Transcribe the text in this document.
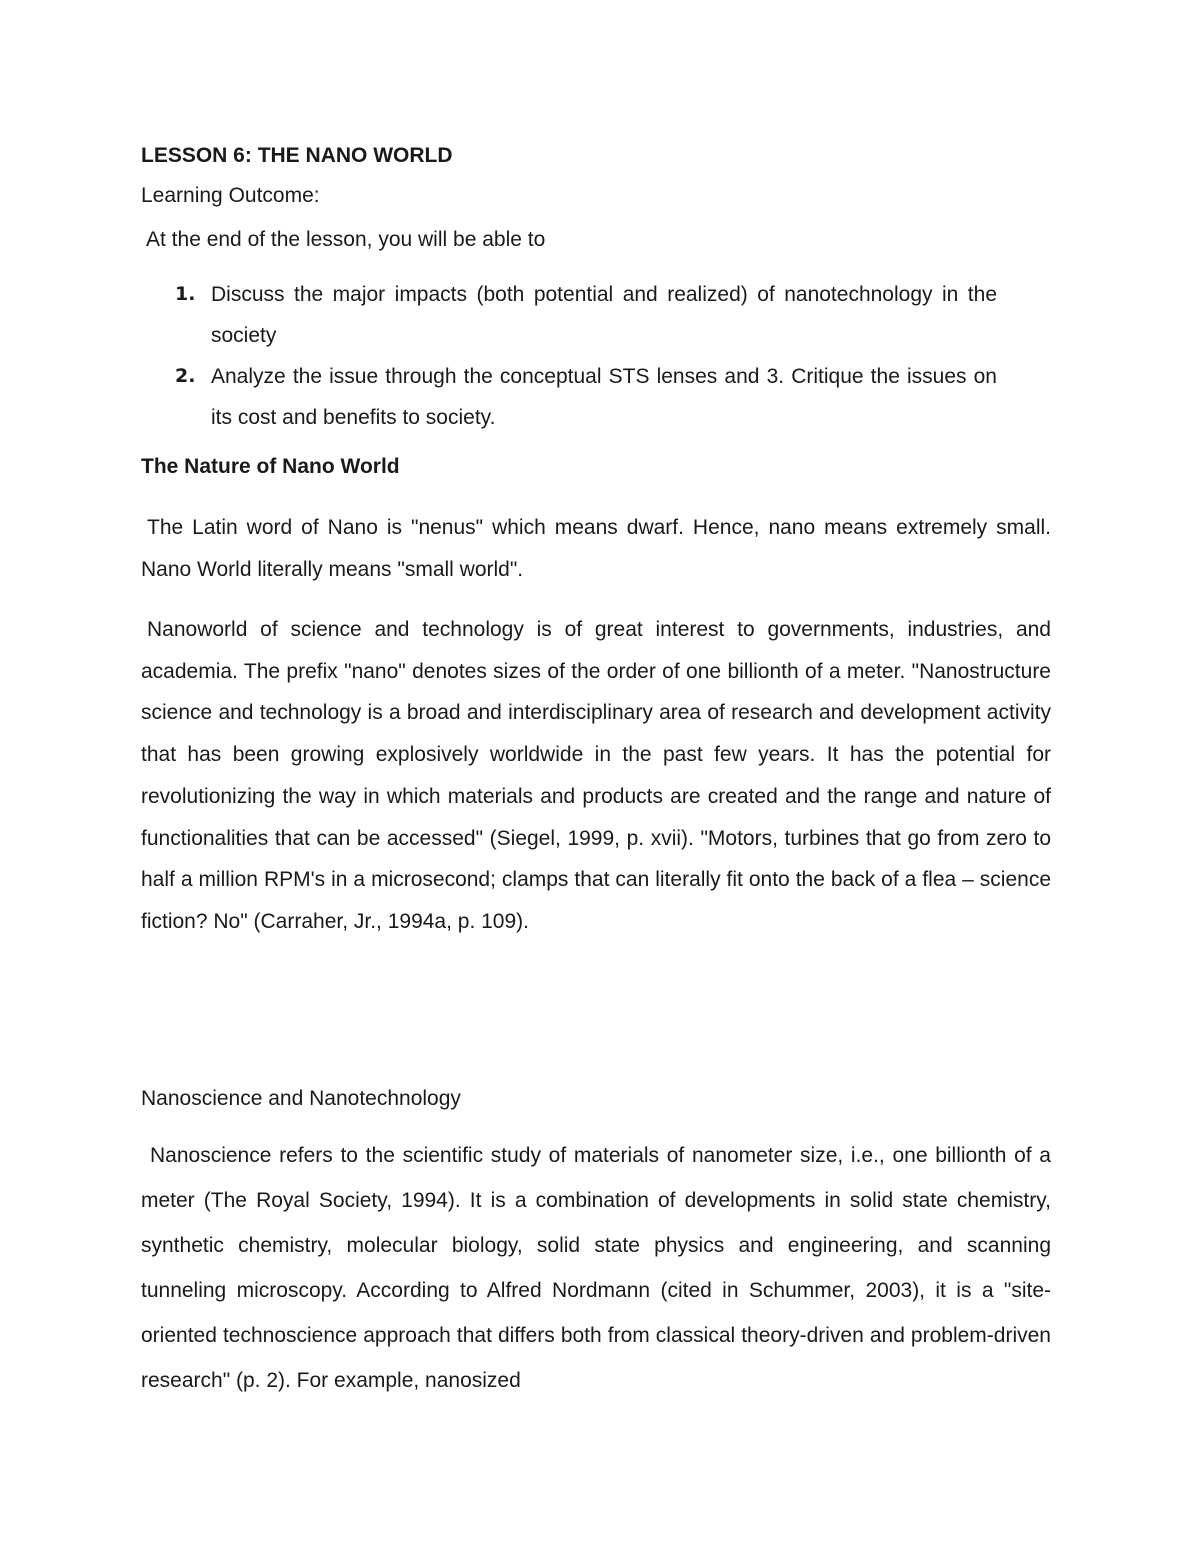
LESSON 6: THE NANO WORLD

Learning Outcome:

At the end of the lesson, you will be able to

1. Discuss the major impacts (both potential and realized) of nanotechnology in the society
2. Analyze the issue through the conceptual STS lenses and 3. Critique the issues on its cost and benefits to society.
The Nature of Nano World

The Latin word of Nano is "nenus" which means dwarf. Hence, nano means extremely small. Nano World literally means "small world".

Nanoworld of science and technology is of great interest to governments, industries, and academia. The prefix "nano" denotes sizes of the order of one billionth of a meter. "Nanostructure science and technology is a broad and interdisciplinary area of research and development activity that has been growing explosively worldwide in the past few years. It has the potential for revolutionizing the way in which materials and products are created and the range and nature of functionalities that can be accessed" (Siegel, 1999, p. xvii). "Motors, turbines that go from zero to half a million RPM's in a microsecond; clamps that can literally fit onto the back of a flea – science fiction? No" (Carraher, Jr., 1994a, p. 109).

Nanoscience and Nanotechnology

Nanoscience refers to the scientific study of materials of nanometer size, i.e., one billionth of a meter (The Royal Society, 1994). It is a combination of developments in solid state chemistry, synthetic chemistry, molecular biology, solid state physics and engineering, and scanning tunneling microscopy. According to Alfred Nordmann (cited in Schummer, 2003), it is a "site-oriented technoscience approach that differs both from classical theory-driven and problem-driven research" (p. 2). For example, nanosized
